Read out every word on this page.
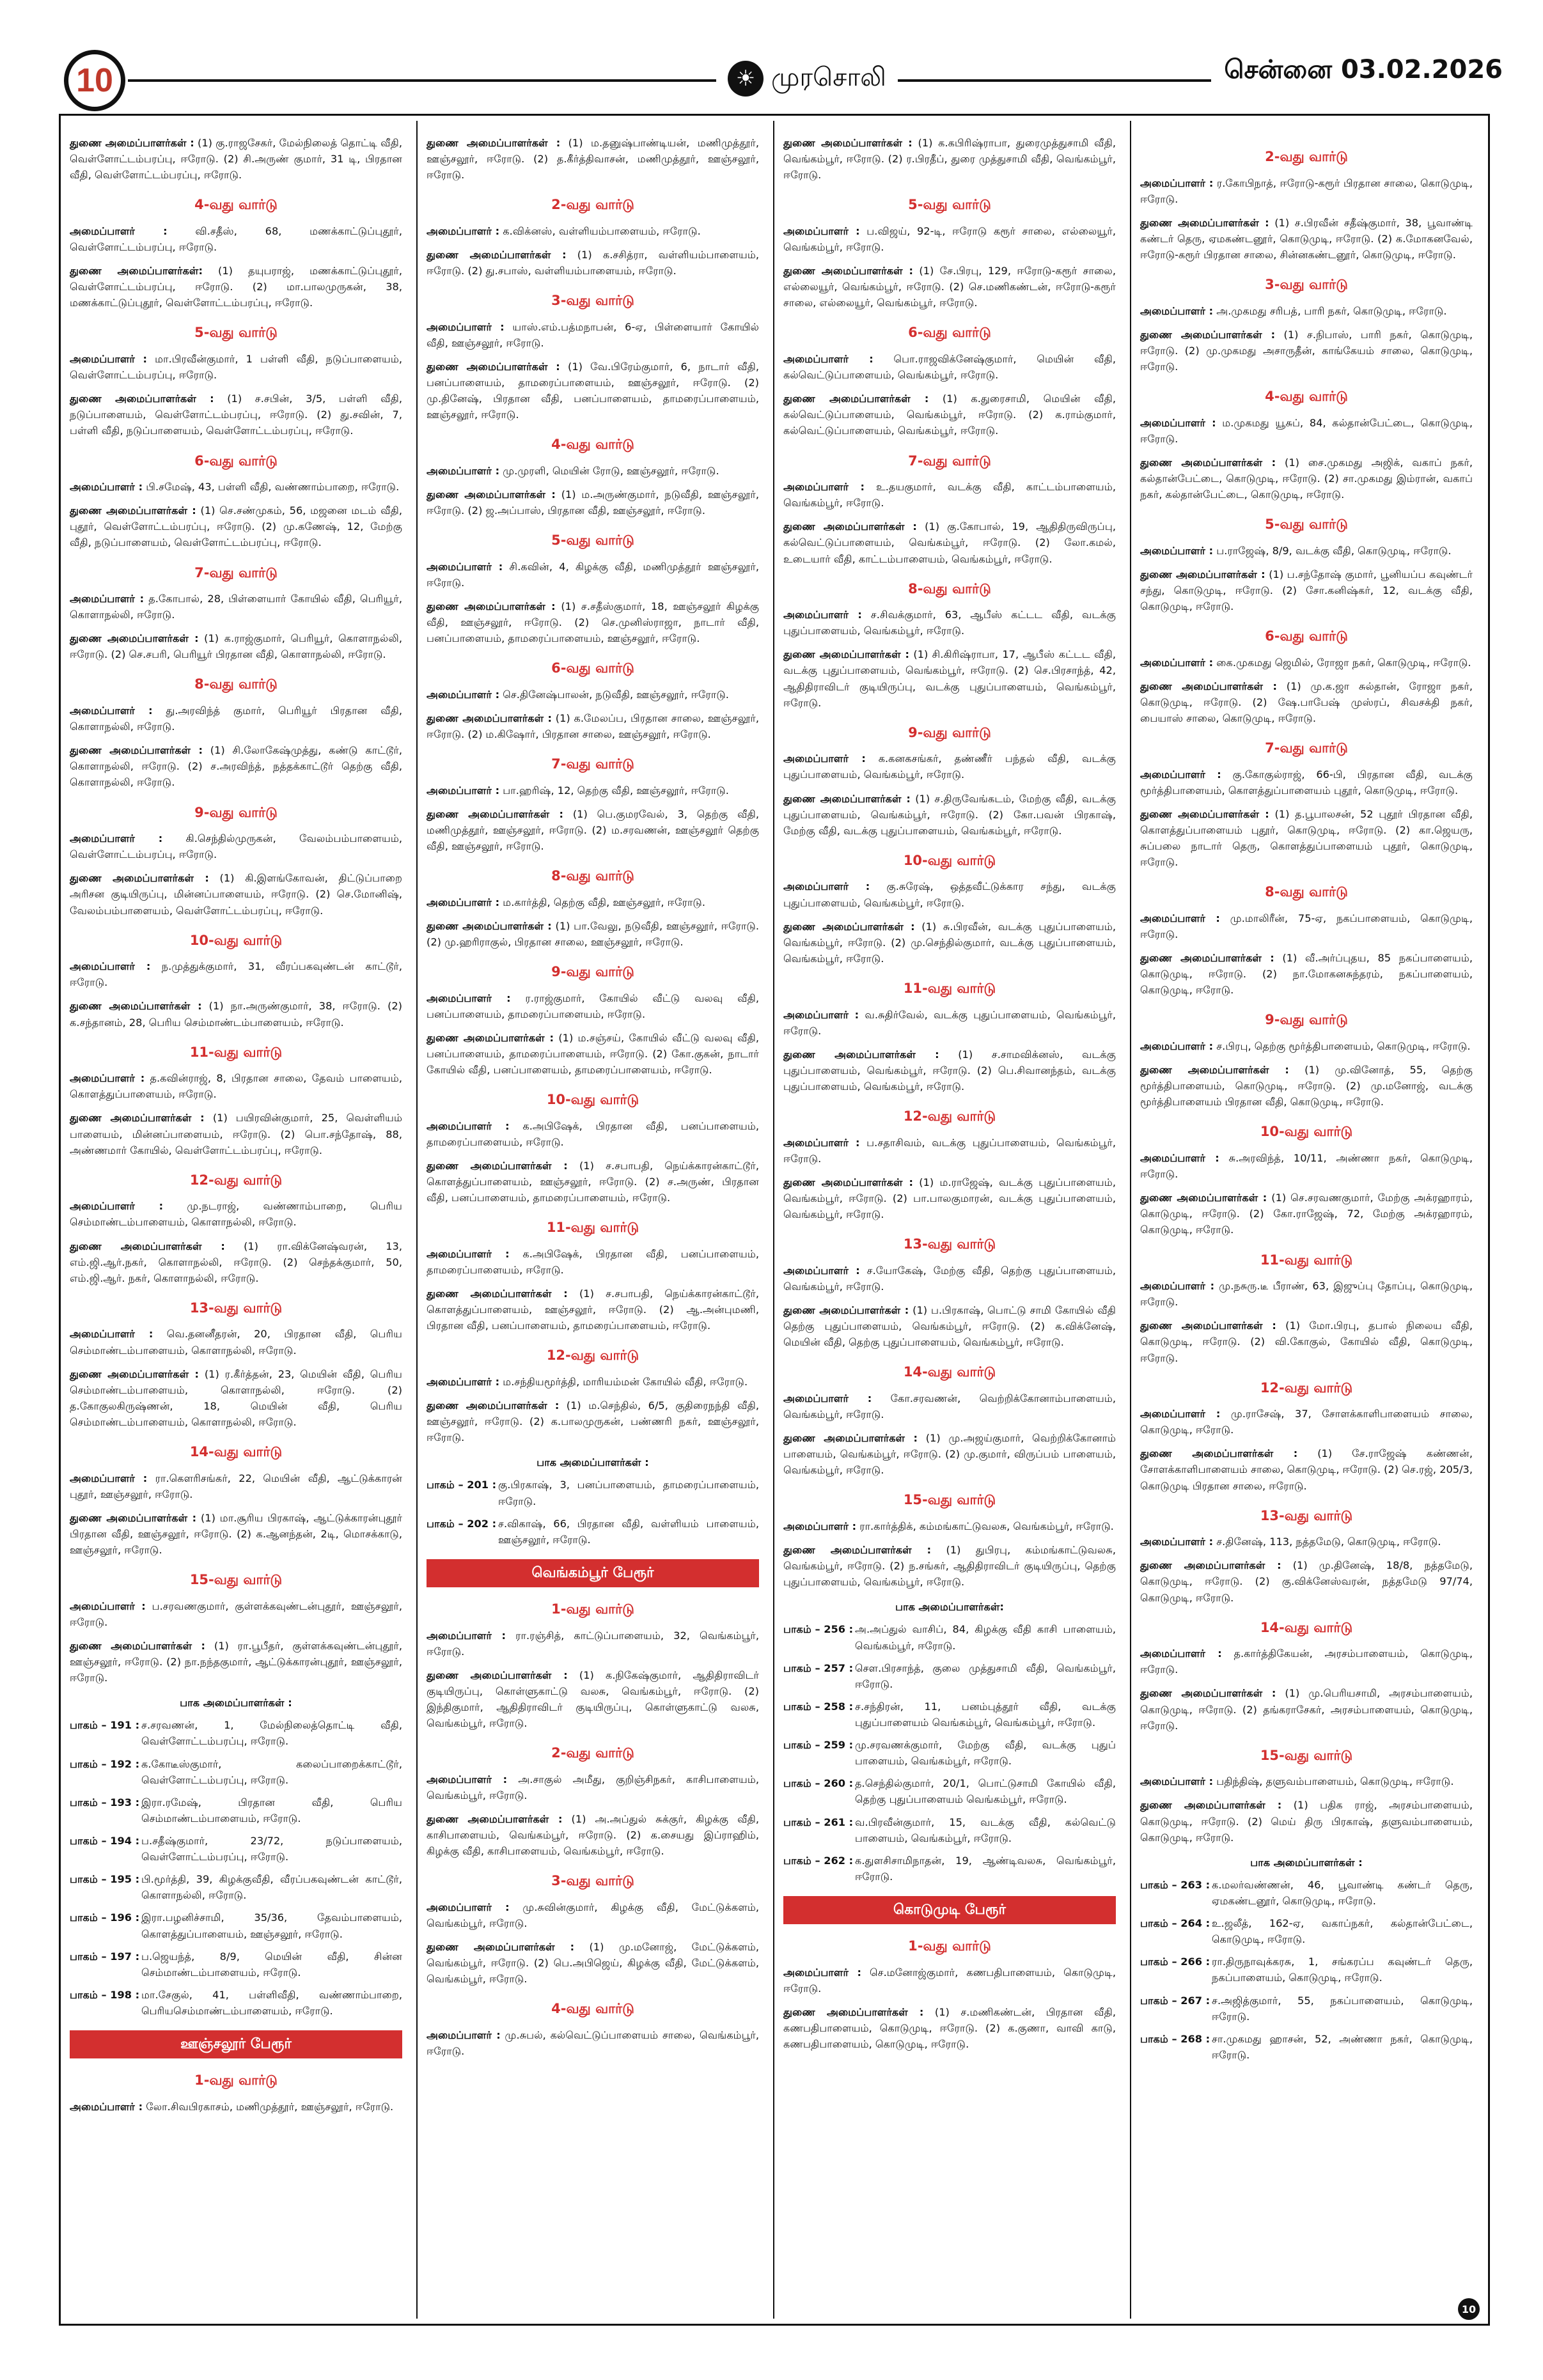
10	☀ முரசொலி	சென்னை 03.02.2026
துணை அமைப்பாளர்கள் : (1) கு.ராஜசேகர், மேல்நிலைத் தொட்டி வீதி, வெள்ளோட்டம்பரப்பு, ஈரோடு. (2) சி.அருண் குமார், 31 டி, பிரதான வீதி, வெள்ளோட்டம்பரப்பு, ஈரோடு.
4-வது வார்டு
அமைப்பாளர் :	வி.சதீஸ், 68, மணக்காட்டுப்புதூர், வெள்ளோட்டம்பரப்பு, ஈரோடு.
துணை அமைப்பாளர்கள்: (1) தயுபராஜ், மணக்காட்டுப்புதூர், வெள்ளோட்டம்பரப்பு, ஈரோடு. (2) மா.பாலமுருகன், 38, மணக்காட்டுப்புதூர், வெள்ளோட்டம்பரப்பு, ஈரோடு.
5-வது வார்டு
அமைப்பாளர் : மா.பிரவீன்குமார், 1 பள்ளி வீதி, நடுப்பாளையம், வெள்ளோட்டம்பரப்பு, ஈரோடு.
துணை அமைப்பாளர்கள் : (1) ச.சபின், 3/5, பள்ளி வீதி, நடுப்பாளையம், வெள்ளோட்டம்பரப்பு, ஈரோடு. (2) து.சவின், 7, பள்ளி வீதி, நடுப்பாளையம், வெள்ளோட்டம்பரப்பு, ஈரோடு.
6-வது வார்டு
அமைப்பாளர் : பி.சமேஷ், 43, பள்ளி வீதி, வண்ணாம்பாறை, ஈரோடு.
துணை அமைப்பாளர்கள் : (1) செ.சண்முகம், 56, மஜனை மடம் வீதி, புதூர், வெள்ளோட்டம்பரப்பு, ஈரோடு. (2) மு.கணேஷ், 12, மேற்கு வீதி, நடுப்பாளையம், வெள்ளோட்டம்பரப்பு, ஈரோடு.
7-வது வார்டு
அமைப்பாளர் : த.கோபால், 28, பிள்ளையார் கோயில் வீதி, பெரியூர், கொளாநல்லி, ஈரோடு.
துணை அமைப்பாளர்கள் : (1) க.ராஜ்குமார், பெரியூர், கொளாநல்லி, ஈரோடு. (2) செ.சபரி, பெரியூர் பிரதான வீதி, கொளாநல்லி, ஈரோடு.
8-வது வார்டு
அமைப்பாளர் : து.அரவிந்த் குமார், பெரியூர் பிரதான வீதி, கொளாநல்லி, ஈரோடு.
துணை அமைப்பாளர்கள் : (1) சி.லோகேஷ்முத்து, கண்டு காட்டூர், கொளாநல்லி, ஈரோடு. (2) ச.அரவிந்த், நத்தக்காட்டூர் தெற்கு வீதி, கொளாநல்லி, ஈரோடு.
9-வது வார்டு
அமைப்பாளர் : கி.செந்தில்முருகன், வேலம்பம்பாளையம், வெள்ளோட்டம்பரப்பு, ஈரோடு.
துணை அமைப்பாளர்கள் : (1) கி.இளங்கோவன், திட்டுப்பாறை அரிசன குடியிருப்பு, மின்னப்பாளையம், ஈரோடு. (2) செ.மோனிஷ், வேலம்பம்பாளையம், வெள்ளோட்டம்பரப்பு, ஈரோடு.
10-வது வார்டு
அமைப்பாளர் : ந.முத்துக்குமார், 31, வீரப்பகவுண்டன் காட்டூர், ஈரோடு.
துணை அமைப்பாளர்கள் : (1) நா.அருண்குமார், 38, ஈரோடு. (2) க.சந்தானம், 28, பெரிய செம்மாண்டம்பாளையம், ஈரோடு.
11-வது வார்டு
அமைப்பாளர் : த.கவின்ராஜ், 8, பிரதான சாலை, தேவம் பாளையம், கொளத்துப்பாளையம், ஈரோடு.
துணை அமைப்பாளர்கள் : (1) பயிரவின்குமார், 25, வெள்ளியம் பாளையம், மின்னப்பாளையம், ஈரோடு. (2) பொ.சந்தோஷ், 88, அண்ணமார் கோயில், வெள்ளோட்டம்பரப்பு, ஈரோடு.
12-வது வார்டு
அமைப்பாளர் : மு.நடராஜ், வண்ணாம்பாறை, பெரிய செம்மாண்டம்பாளையம், கொளாநல்லி, ஈரோடு.
துணை அமைப்பாளர்கள் : (1) ரா.விக்னேஷ்வரன், 13, எம்.ஜி.ஆர்.நகர், கொளாநல்லி, ஈரோடு. (2) செந்தக்குமார், 50, எம்.ஜி.ஆர். நகர், கொளாநல்லி, ஈரோடு.
13-வது வார்டு
அமைப்பாளர் : வெ.தனனீதரன், 20, பிரதான வீதி, பெரிய செம்மாண்டம்பாளையம், கொளாநல்லி, ஈரோடு.
துணை அமைப்பாளர்கள் : (1) ர.கீர்த்தன், 23, மெயின் வீதி, பெரிய செம்மாண்டம்பாளையம், கொளாநல்லி, ஈரோடு. (2) த.கோகுலகிருஷ்ணன், 18, மெயின் வீதி, பெரிய செம்மாண்டம்பாளையம், கொளாநல்லி, ஈரோடு.
14-வது வார்டு
அமைப்பாளர் : ரா.கௌரிசங்கர், 22, மெயின் வீதி, ஆட்டுக்காரன் புதூர், ஊஞ்சலூர், ஈரோடு.
துணை அமைப்பாளர்கள் : (1) மா.சூரிய பிரகாஷ், ஆட்டுக்காரன்புதூர் பிரதான வீதி, ஊஞ்சலூர், ஈரோடு. (2) க.ஆனந்தன், 2டி, மொசக்காடு, ஊஞ்சலூர், ஈரோடு.
15-வது வார்டு
அமைப்பாளர் : ப.சரவணகுமார், குள்ளக்கவுண்டன்புதூர், ஊஞ்சலூர், ஈரோடு.
துணை அமைப்பாளர்கள் : (1) ரா.பூபீதர், குள்ளக்கவுண்டன்புதூர், ஊஞ்சலூர், ஈரோடு. (2) நா.நந்தகுமார், ஆட்டுக்காரன்புதூர், ஊஞ்சலூர், ஈரோடு.
பாக அமைப்பாளர்கள் :
பாகம் – 191 : ச.சரவணன், 1, மேல்நிலைத்தொட்டி வீதி, வெள்ளோட்டம்பரப்பு, ஈரோடு.
பாகம் – 192 : க.கோடீஸ்குமார், கலைப்பாறைக்காட்டூர், வெள்ளோட்டம்பரப்பு, ஈரோடு.
பாகம் – 193 : இரா.ரமேஷ், பிரதான வீதி, பெரிய செம்மாண்டம்பாளையம், ஈரோடு.
பாகம் – 194 : ப.சதீஷ்குமார், 23/72, நடுப்பாளையம், வெள்ளோட்டம்பரப்பு, ஈரோடு.
பாகம் – 195 : பி.மூர்த்தி, 39, கிழக்குவீதி, வீரப்பகவுண்டன் காட்டூர், கொளாநல்லி, ஈரோடு.
பாகம் – 196 : இரா.பழனிச்சாமி, 35/36, தேவம்பாளையம், கொளத்துப்பாளையம், ஊஞ்சலூர், ஈரோடு.
பாகம் – 197 : ப.ஜெயந்த், 8/9, மெயின் வீதி, சின்ன செம்மாண்டம்பாளையம், ஈரோடு.
பாகம் – 198 : மா.சேகுல், 41, பள்ளிவீதி, வண்ணாம்பாறை, பெரியசெம்மாண்டம்பாளையம், ஈரோடு.
ஊஞ்சலூர் பேரூர்
1-வது வார்டு
அமைப்பாளர் : லோ.சிவபிரகாசம், மணிமுத்தூர், ஊஞ்சலூர், ஈரோடு.
துணை அமைப்பாளர்கள் : (1) ம.தனுஷ்பாண்டியன், மணிமுத்தூர், ஊஞ்சலூர், ஈரோடு. (2) த.கீர்த்திவாசன், மணிமுத்தூர், ஊஞ்சலூர், ஈரோடு.
2-வது வார்டு
அமைப்பாளர் : க.விக்னஸ், வள்ளியம்பாளையம், ஈரோடு.
துணை அமைப்பாளர்கள் : (1) க.சசித்ரா, வள்ளியம்பாளையம், ஈரோடு. (2) து.சபாஸ், வள்ளியம்பாளையம், ஈரோடு.
3-வது வார்டு
அமைப்பாளர் : யாஸ்.எம்.பத்மநாபன், 6-ஏ, பிள்ளையார் கோயில் வீதி, ஊஞ்சலூர், ஈரோடு.
துணை அமைப்பாளர்கள் : (1) வே.பிரேம்குமார், 6, நாடார் வீதி, பனப்பாளையம், தாமரைப்பாளையம், ஊஞ்சலூர், ஈரோடு. (2) மு.தினேஷ், பிரதான வீதி, பனப்பாளையம், தாமரைப்பாளையம், ஊஞ்சலூர், ஈரோடு.
4-வது வார்டு
அமைப்பாளர் : மு.முரளி, மெயின் ரோடு, ஊஞ்சலூர், ஈரோடு.
துணை அமைப்பாளர்கள் : (1) ம.அருண்குமார், நடுவீதி, ஊஞ்சலூர், ஈரோடு. (2) ஜ.அப்பாஸ், பிரதான வீதி, ஊஞ்சலூர், ஈரோடு.
5-வது வார்டு
அமைப்பாளர் : சி.கவின், 4, கிழக்கு வீதி, மணிமுத்தூர் ஊஞ்சலூர், ஈரோடு.
துணை அமைப்பாளர்கள் : (1) ச.சதீஸ்குமார், 18, ஊஞ்சலூர் கிழக்கு வீதி, ஊஞ்சலூர், ஈரோடு. (2) செ.முனிஸ்ராஜா, நாடார் வீதி, பனப்பாளையம், தாமரைப்பாளையம், ஊஞ்சலூர், ஈரோடு.
6-வது வார்டு
அமைப்பாளர் : செ.தினேஷ்பாலன், நடுவீதி, ஊஞ்சலூர், ஈரோடு.
துணை அமைப்பாளர்கள் : (1) க.மேலப்ப, பிரதான சாலை, ஊஞ்சலூர், ஈரோடு. (2) ம.கிஷோர், பிரதான சாலை, ஊஞ்சலூர், ஈரோடு.
7-வது வார்டு
அமைப்பாளர் : பா.ஹரிஷ், 12, தெற்கு வீதி, ஊஞ்சலூர், ஈரோடு.
துணை அமைப்பாளர்கள் : (1) பெ.குமரவேல், 3, தெற்கு வீதி, மணிமுத்தூர், ஊஞ்சலூர், ஈரோடு. (2) ம.சரவணன், ஊஞ்சலூர் தெற்கு வீதி, ஊஞ்சலூர், ஈரோடு.
8-வது வார்டு
அமைப்பாளர் : ம.கார்த்தி, தெற்கு வீதி, ஊஞ்சலூர், ஈரோடு.
துணை அமைப்பாளர்கள் : (1) பா.வேலு, நடுவீதி, ஊஞ்சலூர், ஈரோடு. (2) மு.ஹரிராகுல், பிரதான சாலை, ஊஞ்சலூர், ஈரோடு.
9-வது வார்டு
அமைப்பாளர் : ர.ராஜ்குமார், கோயில் வீட்டு வலவு வீதி, பனப்பாளையம், தாமரைப்பாளையம், ஈரோடு.
துணை அமைப்பாளர்கள் : (1) ம.சஞ்சய், கோயில் வீட்டு வலவு வீதி, பனப்பாளையம், தாமரைப்பாளையம், ஈரோடு. (2) கோ.குகன், நாடார் கோயில் வீதி, பனப்பாளையம், தாமரைப்பாளையம், ஈரோடு.
10-வது வார்டு
அமைப்பாளர் : க.அபிஷேக், பிரதான வீதி, பனப்பாளையம், தாமரைப்பாளையம், ஈரோடு.
துணை அமைப்பாளர்கள் : (1) ச.சபாபதி, நெய்க்காரன்காட்டூர், கொளத்துப்பாளையம், ஊஞ்சலூர், ஈரோடு. (2) ச.அருண், பிரதான வீதி, பனப்பாளையம், தாமரைப்பாளையம், ஈரோடு.
11-வது வார்டு
அமைப்பாளர் : க.அபிஷேக், பிரதான வீதி, பனப்பாளையம், தாமரைப்பாளையம், ஈரோடு.
துணை அமைப்பாளர்கள் : (1) ச.சபாபதி, நெய்க்காரன்காட்டூர், கொளத்துப்பாளையம், ஊஞ்சலூர், ஈரோடு. (2) ஆ.அன்புமணி, பிரதான வீதி, பனப்பாளையம், தாமரைப்பாளையம், ஈரோடு.
12-வது வார்டு
அமைப்பாளர் : ம.சந்தியமூர்த்தி, மாரியம்மன் கோயில் வீதி, ஈரோடு.
துணை அமைப்பாளர்கள் : (1) ம.செந்தில், 6/5, குதிரைநந்தி வீதி, ஊஞ்சலூர், ஈரோடு. (2) க.பாலமுருகன், பண்ணரி நகர், ஊஞ்சலூர், ஈரோடு.
பாக அமைப்பாளர்கள் :
பாகம் – 201 : கு.பிரகாஷ், 3, பனப்பாளையம், தாமரைப்பாளையம், ஈரோடு.
பாகம் – 202 : ச.விகாஷ், 66, பிரதான வீதி, வள்ளியம் பாளையம், ஊஞ்சலூர், ஈரோடு.
வெங்கம்பூர் பேரூர்
1-வது வார்டு
அமைப்பாளர் : ரா.ரஞ்சித், காட்டுப்பாளையம், 32, வெங்கம்பூர், ஈரோடு.
துணை அமைப்பாளர்கள் : (1) க.நிகேஷ்குமார், ஆதிதிராவிடர் குடியிருப்பு, கொள்ளுகாட்டு வலசு, வெங்கம்பூர், ஈரோடு. (2) இந்திகுமார், ஆதிதிராவிடர் குடியிருப்பு, கொள்ளுகாட்டு வலசு, வெங்கம்பூர், ஈரோடு.
2-வது வார்டு
அமைப்பாளர் : அ.சாகுல் அமீது, குறிஞ்சிநகர், காசிபாளையம், வெங்கம்பூர், ஈரோடு.
துணை அமைப்பாளர்கள் : (1) அ.அப்துல் சுக்குர், கிழக்கு வீதி, காசிபாளையம், வெங்கம்பூர், ஈரோடு. (2) க.சையது இப்ராஹிம், கிழக்கு வீதி, காசிபாளையம், வெங்கம்பூர், ஈரோடு.
3-வது வார்டு
அமைப்பாளர் : மு.சுவின்குமார், கிழக்கு வீதி, மேட்டுக்களம், வெங்கம்பூர், ஈரோடு.
துணை அமைப்பாளர்கள் : (1) மு.மனோஜ், மேட்டுக்களம், வெங்கம்பூர், ஈரோடு. (2) பெ.அபிஜெய், கிழக்கு வீதி, மேட்டுக்களம், வெங்கம்பூர், ஈரோடு.
4-வது வார்டு
அமைப்பாளர் : மு.சுபல், கல்வெட்டுப்பாளையம் சாலை, வெங்கம்பூர், ஈரோடு.
துணை அமைப்பாளர்கள் : (1) க.கபிரிஷ்ராபா, துரைமுத்துசாமி வீதி, வெங்கம்பூர், ஈரோடு. (2) ர.பிரதீப், துரை முத்துசாமி வீதி, வெங்கம்பூர், ஈரோடு.
5-வது வார்டு
அமைப்பாளர் : ப.விஜய், 92-டி, ஈரோடு கரூர் சாலை, எல்லையூர், வெங்கம்பூர், ஈரோடு.
துணை அமைப்பாளர்கள் : (1) சே.பிரபு, 129, ஈரோடு-கரூர் சாலை, எல்லையூர், வெங்கம்பூர், ஈரோடு. (2) செ.மணிகண்டன், ஈரோடு-கரூர் சாலை, எல்லையூர், வெங்கம்பூர், ஈரோடு.
6-வது வார்டு
அமைப்பாளர் : பொ.ராஜவிக்னேஷ்குமார், மெயின் வீதி, கல்வெட்டுப்பாளையம், வெங்கம்பூர், ஈரோடு.
துணை அமைப்பாளர்கள் : (1) க.துரைசாமி, மெயின் வீதி, கல்வெட்டுப்பாளையம், வெங்கம்பூர், ஈரோடு. (2) க.ராம்குமார், கல்வெட்டுப்பாளையம், வெங்கம்பூர், ஈரோடு.
7-வது வார்டு
அமைப்பாளர் : உ.தயகுமார், வடக்கு வீதி, காட்டம்பாளையம், வெங்கம்பூர், ஈரோடு.
துணை அமைப்பாளர்கள் : (1) கு.கோபால், 19, ஆதிதிருவிருப்பு, கல்வெட்டுப்பாளையம், வெங்கம்பூர், ஈரோடு. (2) லோ.கமல், உடையார் வீதி, காட்டம்பாளையம், வெங்கம்பூர், ஈரோடு.
8-வது வார்டு
அமைப்பாளர் : ச.சிவக்குமார், 63, ஆபீஸ் கட்டட வீதி, வடக்கு புதுப்பாளையம், வெங்கம்பூர், ஈரோடு.
துணை அமைப்பாளர்கள் : (1) சி.கிரிஷ்ராபா, 17, ஆபீஸ் கட்டட வீதி, வடக்கு புதுப்பாளையம், வெங்கம்பூர், ஈரோடு. (2) செ.பிரசாந்த், 42, ஆதிதிராவிடர் குடியிருப்பு, வடக்கு புதுப்பாளையம், வெங்கம்பூர், ஈரோடு.
9-வது வார்டு
அமைப்பாளர் : க.கனகசங்கர், தண்ணீர் பந்தல் வீதி, வடக்கு புதுப்பாளையம், வெங்கம்பூர், ஈரோடு.
துணை அமைப்பாளர்கள் : (1) ச.திருவேங்கடம், மேற்கு வீதி, வடக்கு புதுப்பாளையம், வெங்கம்பூர், ஈரோடு. (2) கோ.பவன் பிரகாஷ், மேற்கு வீதி, வடக்கு புதுப்பாளையம், வெங்கம்பூர், ஈரோடு.
10-வது வார்டு
அமைப்பாளர் : கு.சுரேஷ், ஒத்தவீட்டுக்கார சந்து, வடக்கு புதுப்பாளையம், வெங்கம்பூர், ஈரோடு.
துணை அமைப்பாளர்கள் : (1) சு.பிரவீன், வடக்கு புதுப்பாளையம், வெங்கம்பூர், ஈரோடு. (2) மு.செந்தில்குமார், வடக்கு புதுப்பாளையம், வெங்கம்பூர், ஈரோடு.
11-வது வார்டு
அமைப்பாளர் : வ.சுதிர்வேல், வடக்கு புதுப்பாளையம், வெங்கம்பூர், ஈரோடு.
துணை அமைப்பாளர்கள் : (1) ச.சாமவிக்னஸ், வடக்கு புதுப்பாளையம், வெங்கம்பூர், ஈரோடு. (2) பெ.சிவானந்தம், வடக்கு புதுப்பாளையம், வெங்கம்பூர், ஈரோடு.
12-வது வார்டு
அமைப்பாளர் : ப.சதாசிவம், வடக்கு புதுப்பாளையம், வெங்கம்பூர், ஈரோடு.
துணை அமைப்பாளர்கள் : (1) ம.ராஜேஷ், வடக்கு புதுப்பாளையம், வெங்கம்பூர், ஈரோடு. (2) பா.பாலகுமாரன், வடக்கு புதுப்பாளையம், வெங்கம்பூர், ஈரோடு.
13-வது வார்டு
அமைப்பாளர் : ச.யோகேஷ், மேற்கு வீதி, தெற்கு புதுப்பாளையம், வெங்கம்பூர், ஈரோடு.
துணை அமைப்பாளர்கள் : (1) ப.பிரகாஷ், பொட்டு சாமி கோயில் வீதி தெற்கு புதுப்பாளையம், வெங்கம்பூர், ஈரோடு. (2) க.விக்னேஷ், மெயின் வீதி, தெற்கு புதுப்பாளையம், வெங்கம்பூர், ஈரோடு.
14-வது வார்டு
அமைப்பாளர் : கோ.சரவணன், வெற்றிக்கோனாம்பாளையம், வெங்கம்பூர், ஈரோடு.
துணை அமைப்பாளர்கள் : (1) மு.அஜய்குமார், வெற்றிக்கோனாம் பாளையம், வெங்கம்பூர், ஈரோடு. (2) மு.குமார், விருப்பம் பாளையம், வெங்கம்பூர், ஈரோடு.
15-வது வார்டு
அமைப்பாளர் : ரா.கார்த்திக், கம்மங்காட்டுவலசு, வெங்கம்பூர், ஈரோடு.
துணை அமைப்பாளர்கள் : (1) துபிரபு, கம்மங்காட்டுவலசு, வெங்கம்பூர், ஈரோடு. (2) ந.சங்கர், ஆதிதிராவிடர் குடியிருப்பு, தெற்கு புதுப்பாளையம், வெங்கம்பூர், ஈரோடு.
பாக அமைப்பாளர்கள்:
பாகம் – 256 : அ.அப்துல் வாசிப், 84, கிழக்கு வீதி காசி பாளையம், வெங்கம்பூர், ஈரோடு.
பாகம் – 257 : செள.பிரசாந்த், குலை முத்துசாமி வீதி, வெங்கம்பூர், ஈரோடு.
பாகம் – 258 : ச.சந்திரன், 11, பனம்புத்தூர் வீதி, வடக்கு புதுப்பாளையம் வெங்கம்பூர், வெங்கம்பூர், ஈரோடு.
பாகம் – 259 : மு.சரவணக்குமார், மேற்கு வீதி, வடக்கு புதுப் பாளையம், வெங்கம்பூர், ஈரோடு.
பாகம் – 260 : த.செந்தில்குமார், 20/1, பொட்டுசாமி கோயில் வீதி, தெற்கு புதுப்பாளையம் வெங்கம்பூர், ஈரோடு.
பாகம் – 261 : வ.பிரவீன்குமார், 15, வடக்கு வீதி, கல்வெட்டு பாளையம், வெங்கம்பூர், ஈரோடு.
பாகம் – 262 : க.துளசிசாமிநாதன், 19, ஆண்டிவலசு, வெங்கம்பூர், ஈரோடு.
கொடுமுடி பேரூர்
1-வது வார்டு
அமைப்பாளர் : செ.மனோஜ்குமார், கணபதிபாளையம், கொடுமுடி, ஈரோடு.
துணை அமைப்பாளர்கள் : (1) ச.மணிகண்டன், பிரதான வீதி, கணபதிபாளையம், கொடுமுடி, ஈரோடு. (2) க.குணா, வாவி காடு, கணபதிபாளையம், கொடுமுடி, ஈரோடு.
2-வது வார்டு
அமைப்பாளர் : ர.கோபிநாத், ஈரோடு-கரூர் பிரதான சாலை, கொடுமுடி, ஈரோடு.
துணை அமைப்பாளர்கள் : (1) ச.பிரவீன் சதீஷ்குமார், 38, பூவாண்டி கண்டர் தெரு, ஏமகண்டனூர், கொடுமுடி, ஈரோடு. (2) க.மோகனவேல், ஈரோடு-கரூர் பிரதான சாலை, சின்னகண்டனூர், கொடுமுடி, ஈரோடு.
3-வது வார்டு
அமைப்பாளர் : அ.முகமது சரிபத், பாரி நகர், கொடுமுடி, ஈரோடு.
துணை அமைப்பாளர்கள் : (1) ச.நிபாஸ், பாரி நகர், கொடுமுடி, ஈரோடு. (2) மு.முகமது அசாருதீன், காங்கேயம் சாலை, கொடுமுடி, ஈரோடு.
4-வது வார்டு
அமைப்பாளர் : ம.முகமது யூசுப், 84, கல்தான்பேட்டை, கொடுமுடி, ஈரோடு.
துணை அமைப்பாளர்கள் : (1) சை.முகமது அஜிக், வகாப் நகர், கல்தான்பேட்டை, கொடுமுடி, ஈரோடு. (2) சா.முகமது இம்ரான், வகாப் நகர், கல்தான்பேட்டை, கொடுமுடி, ஈரோடு.
5-வது வார்டு
அமைப்பாளர் : ப.ராஜேஷ், 8/9, வடக்கு வீதி, கொடுமுடி, ஈரோடு.
துணை அமைப்பாளர்கள் : (1) ப.சந்தோஷ் குமார், பூனியப்ப கவுண்டர் சந்து, கொடுமுடி, ஈரோடு. (2) சோ.கனிஷ்கர், 12, வடக்கு வீதி, கொடுமுடி, ஈரோடு.
6-வது வார்டு
அமைப்பாளர் : கை.முகமது ஜெமில், ரோஜா நகர், கொடுமுடி, ஈரோடு.
துணை அமைப்பாளர்கள் : (1) மு.க.ஜா சுல்தான், ரோஜா நகர், கொடுமுடி, ஈரோடு. (2) ஷே.பாபேஷ் முஸ்ரப், சிவசக்தி நகர், பையாஸ் சாலை, கொடுமுடி, ஈரோடு.
7-வது வார்டு
அமைப்பாளர் : கு.கோகுல்ராஜ், 66-பி, பிரதான வீதி, வடக்கு மூர்த்திபாளையம், கொளத்துப்பாளையம் புதூர், கொடுமுடி, ஈரோடு.
துணை அமைப்பாளர்கள் : (1) த.பூபாலசன், 52 புதூர் பிரதான வீதி, கொளத்துப்பாளையம் புதூர், கொடுமுடி, ஈரோடு. (2) கா.ஜெயரு, சுப்பலை நாடார் தெரு, கொளத்துப்பாளையம் புதூர், கொடுமுடி, ஈரோடு.
8-வது வார்டு
அமைப்பாளர் : மு.மாலிரீன், 75-ஏ, நகப்பாளையம், கொடுமுடி, ஈரோடு.
துணை அமைப்பாளர்கள் : (1) வீ.அர்ப்புதய, 85 நகப்பாளையம், கொடுமுடி, ஈரோடு. (2) நா.மோகனசுந்தரம், நகப்பாளையம், கொடுமுடி, ஈரோடு.
9-வது வார்டு
அமைப்பாளர் : ச.பிரபு, தெற்கு மூர்த்திபாளையம், கொடுமுடி, ஈரோடு.
துணை அமைப்பாளர்கள் : (1) மு.வினோத், 55, தெற்கு மூர்த்திபாளையம், கொடுமுடி, ஈரோடு. (2) மு.மனோஜ், வடக்கு மூர்த்திபாளையம் பிரதான வீதி, கொடுமுடி, ஈரோடு.
10-வது வார்டு
அமைப்பாளர் : சு.அரவிந்த், 10/11, அண்ணா நகர், கொடுமுடி, ஈரோடு.
துணை அமைப்பாளர்கள் : (1) செ.சரவணகுமார், மேற்கு அக்ரஹாரம், கொடுமுடி, ஈரோடு. (2) கோ.ராஜேஷ், 72, மேற்கு அக்ரஹாரம், கொடுமுடி, ஈரோடு.
11-வது வார்டு
அமைப்பாளர் : மு.நசுரு.டீ பீராண், 63, இஜுப்பு தோப்பு, கொடுமுடி, ஈரோடு.
துணை அமைப்பாளர்கள் : (1) மோ.பிரபு, தபால் நிலைய வீதி, கொடுமுடி, ஈரோடு. (2) வி.கோகுல், கோயில் வீதி, கொடுமுடி, ஈரோடு.
12-வது வார்டு
அமைப்பாளர் : மு.ராசேஷ், 37, சோளக்காளிபாளையம் சாலை, கொடுமுடி, ஈரோடு.
துணை அமைப்பாளர்கள் : (1) சே.ராஜேஷ் கண்ணன், சோளக்காளிபாளையம் சாலை, கொடுமுடி, ஈரோடு. (2) செ.ரஜ், 205/3, கொடுமுடி பிரதான சாலை, ஈரோடு.
13-வது வார்டு
அமைப்பாளர் : ச.தினேஷ், 113, நத்தமேடு, கொடுமுடி, ஈரோடு.
துணை அமைப்பாளர்கள் : (1) மு.தினேஷ், 18/8, நத்தமேடு, கொடுமுடி, ஈரோடு. (2) கு.விக்னேஸ்வரன், நத்தமேடு 97/74, கொடுமுடி, ஈரோடு.
14-வது வார்டு
அமைப்பாளர் : த.கார்த்திகேயன், அரசம்பாளையம், கொடுமுடி, ஈரோடு.
துணை அமைப்பாளர்கள் : (1) மு.பெரியசாமி, அரசம்பாளையம், கொடுமுடி, ஈரோடு. (2) தங்கராசேகர், அரசம்பாளையம், கொடுமுடி, ஈரோடு.
15-வது வார்டு
அமைப்பாளர் : பதிந்திஷ், தளுவம்பாளையம், கொடுமுடி, ஈரோடு.
துணை அமைப்பாளர்கள் : (1) பதிக ராஜ், அரசம்பாளையம், கொடுமுடி, ஈரோடு. (2) மெய் திரு பிரகாஷ், தளுவம்பாளையம், கொடுமுடி, ஈரோடு.
பாக அமைப்பாளர்கள் :
பாகம் – 263 : க.மலர்வண்ணன், 46, பூவாண்டி கண்டர் தெரு, ஏமகண்டனூர், கொடுமுடி, ஈரோடு.
பாகம் – 264 : உ.ஜலீத், 162-ஏ, வகாப்நகர், கல்தான்பேட்டை, கொடுமுடி, ஈரோடு.
பாகம் – 266 : ரா.திருநாவுக்கரசு, 1, சங்கரப்ப கவுண்டர் தெரு, நகப்பாளையம், கொடுமுடி, ஈரோடு.
பாகம் – 267 : ச.அஜித்குமார், 55, நகப்பாளையம், கொடுமுடி, ஈரோடு.
பாகம் – 268 : சா.முகமது ஹாசன், 52, அண்ணா நகர், கொடுமுடி, ஈரோடு.
10
